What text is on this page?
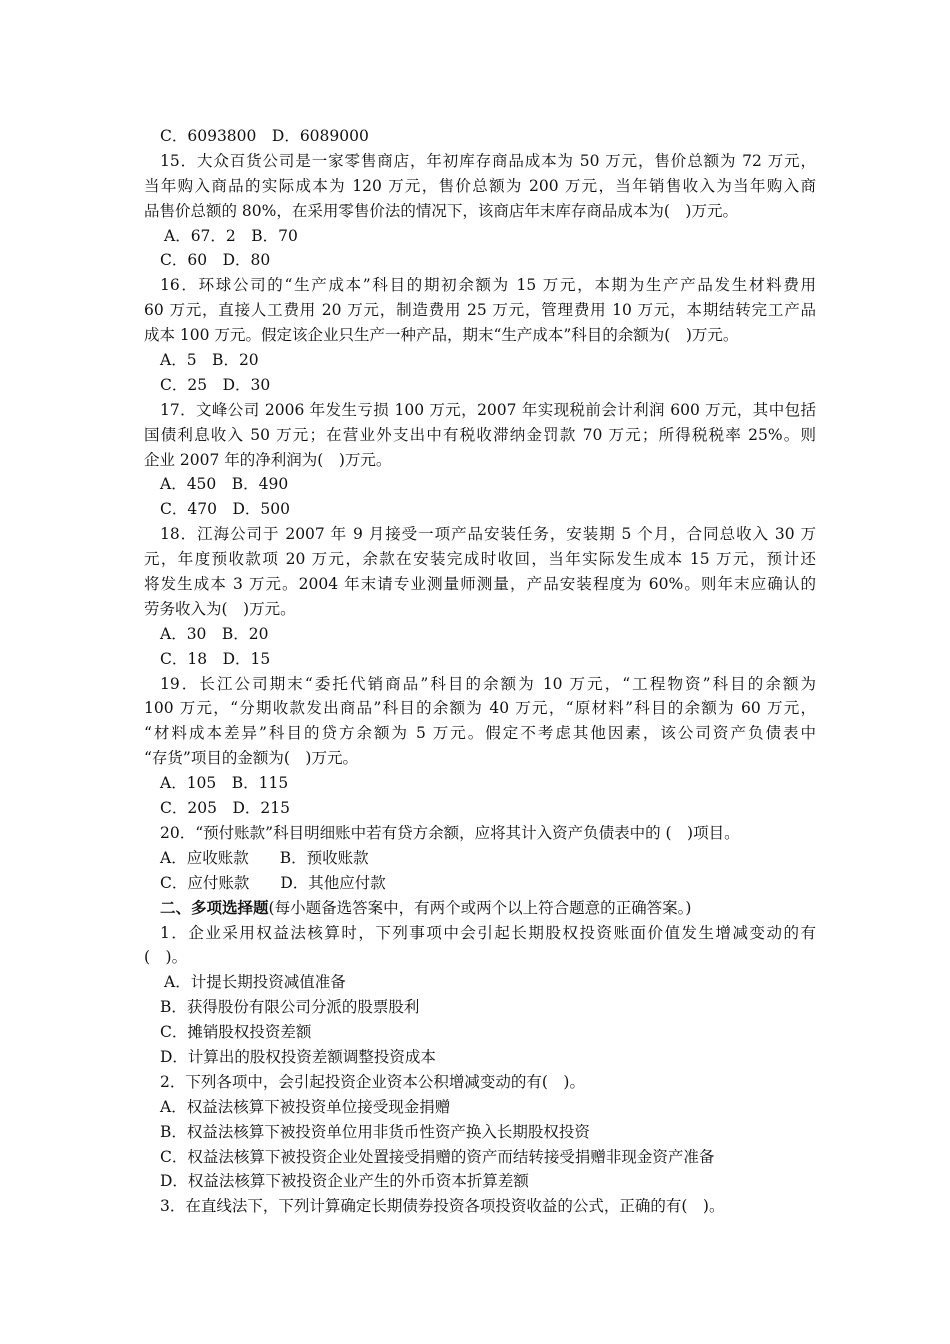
C．6093800　D．6089000
15．大众百货公司是一家零售商店，年初库存商品成本为 50 万元，售价总额为 72 万元，
当年购入商品的实际成本为 120 万元，售价总额为 200 万元，当年销售收入为当年购入商
品售价总额的 80%，在采用零售价法的情况下，该商店年末库存商品成本为(　)万元。
A．67．2　B．70
C．60　D．80
16．环球公司的“生产成本”科目的期初余额为 15 万元，本期为生产产品发生材料费用
60 万元，直接人工费用 20 万元，制造费用 25 万元，管理费用 10 万元，本期结转完工产品
成本 100 万元。假定该企业只生产一种产品，期末“生产成本”科目的余额为(　)万元。
A．5　B．20
C．25　D．30
17．文峰公司 2006 年发生亏损 100 万元，2007 年实现税前会计利润 600 万元，其中包括
国债利息收入 50 万元；在营业外支出中有税收滞纳金罚款 70 万元；所得税税率 25%。则
企业 2007 年的净利润为(　)万元。
A．450　B．490
C．470　D．500
18．江海公司于 2007 年 9 月接受一项产品安装任务，安装期 5 个月，合同总收入 30 万
元，年度预收款项 20 万元，余款在安装完成时收回，当年实际发生成本 15 万元，预计还
将发生成本 3 万元。2004 年末请专业测量师测量，产品安装程度为 60%。则年末应确认的
劳务收入为(　)万元。
A．30　B．20
C．18　D．15
19．长江公司期末“委托代销商品”科目的余额为 10 万元，“工程物资”科目的余额为
100 万元，“分期收款发出商品”科目的余额为 40 万元，“原材料”科目的余额为 60 万元，
“材料成本差异”科目的贷方余额为 5 万元。假定不考虑其他因素，该公司资产负债表中
“存货”项目的金额为(　)万元。
A．105　B．115
C．205　D．215
20．“预付账款”科目明细账中若有贷方余额，应将其计入资产负债表中的 (　)项目。
A．应收账款　　B．预收账款
C．应付账款　　D．其他应付款
二、多项选择题(每小题备选答案中，有两个或两个以上符合题意的正确答案。)
1．企业采用权益法核算时，下列事项中会引起长期股权投资账面价值发生增减变动的有
(　)。
A．计提长期投资减值准备
B．获得股份有限公司分派的股票股利
C．摊销股权投资差额
D．计算出的股权投资差额调整投资成本
2．下列各项中，会引起投资企业资本公积增减变动的有(　)。
A．权益法核算下被投资单位接受现金捐赠
B．权益法核算下被投资单位用非货币性资产换入长期股权投资
C．权益法核算下被投资企业处置接受捐赠的资产而结转接受捐赠非现金资产准备
D．权益法核算下被投资企业产生的外币资本折算差额
3．在直线法下，下列计算确定长期债券投资各项投资收益的公式，正确的有(　)。
